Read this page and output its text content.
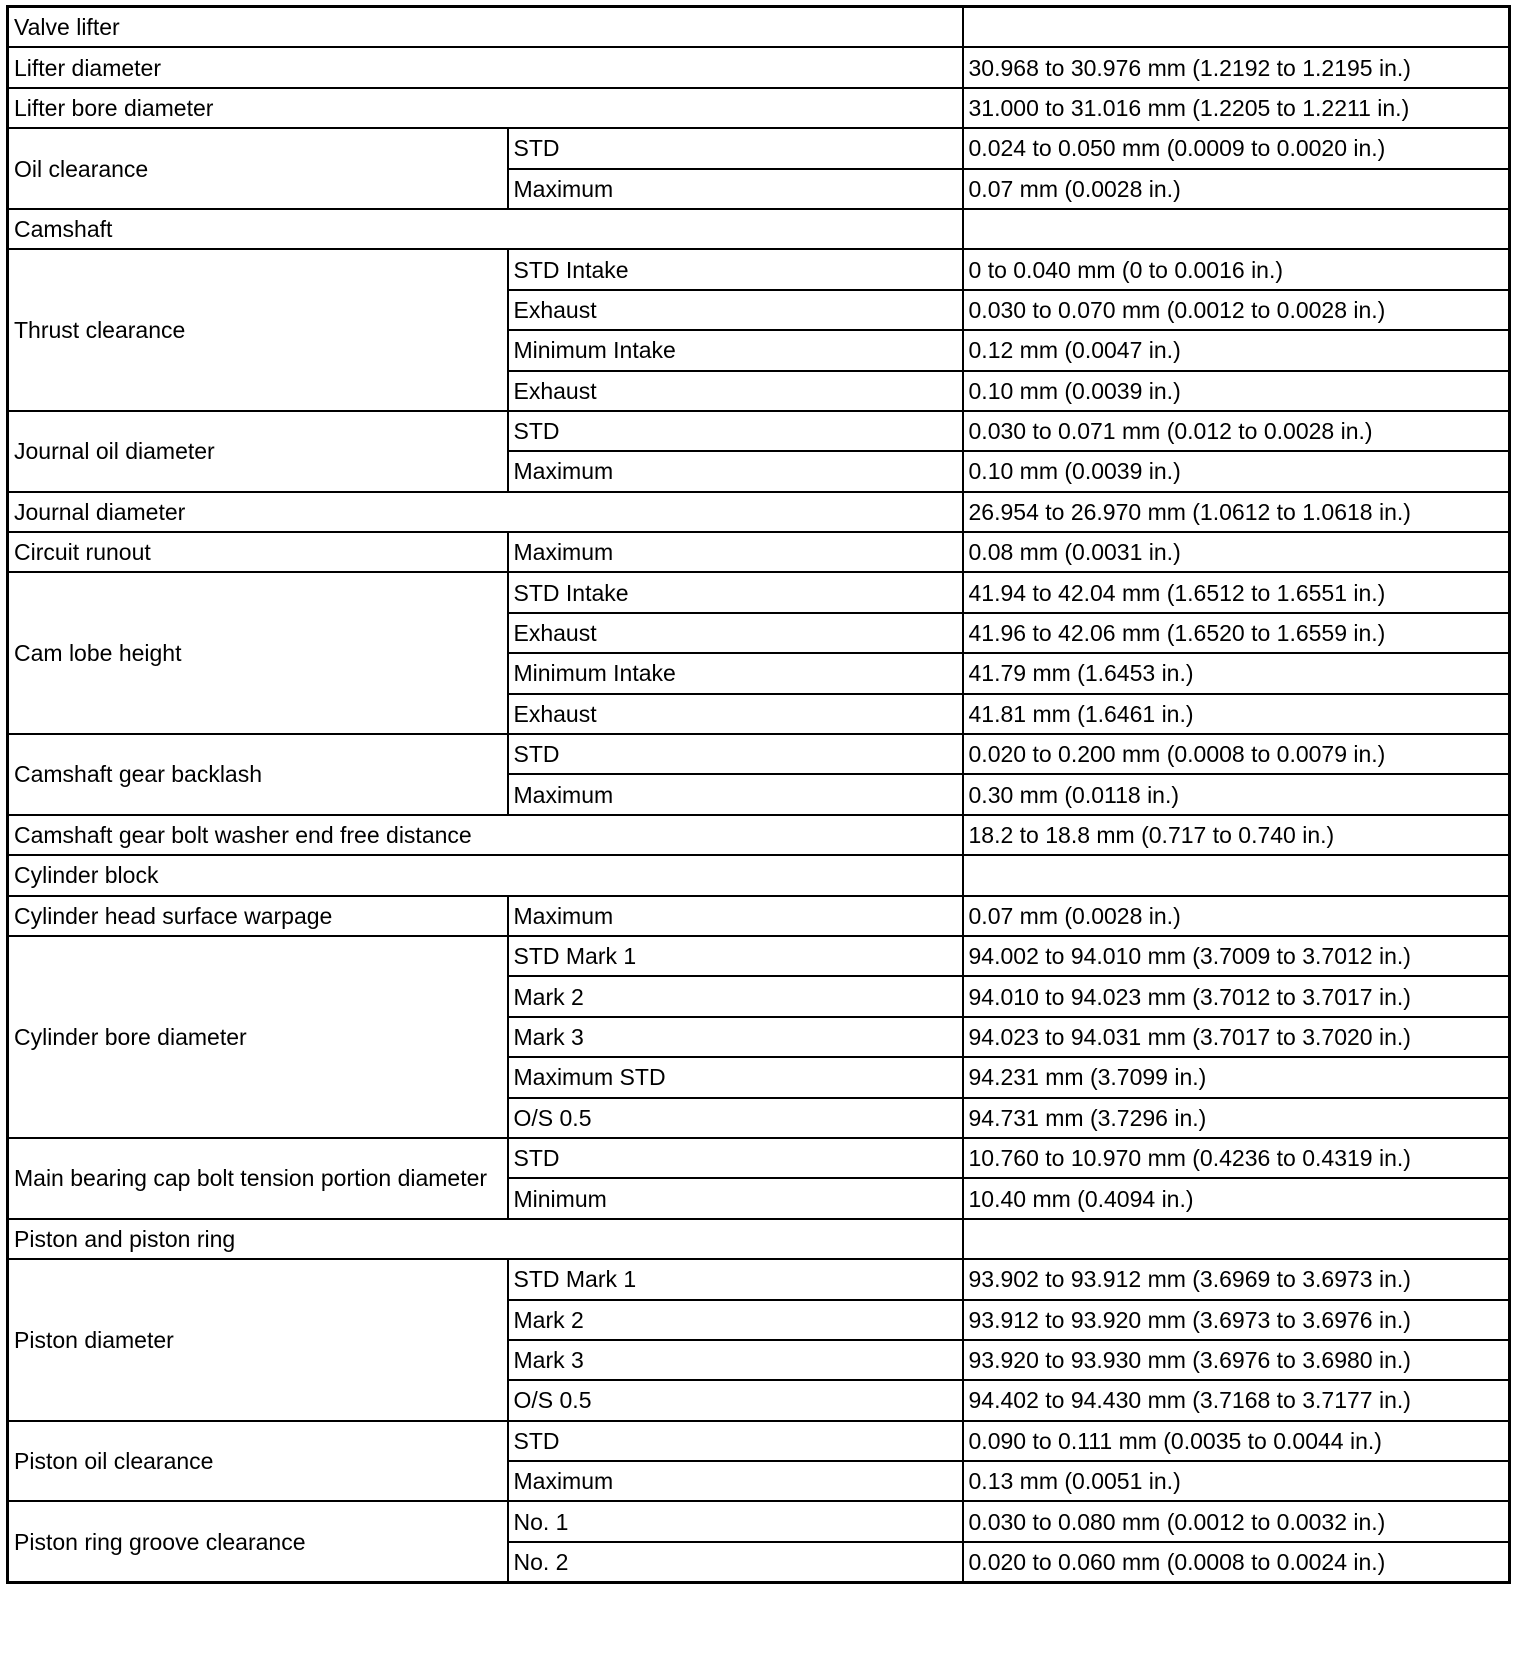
Valve lifter		
Lifter diameter		30.968 to 30.976 mm (1.2192 to 1.2195 in.)
Lifter bore diameter		31.000 to 31.016 mm (1.2205 to 1.2211 in.)
Oil clearance	STD	0.024 to 0.050 mm (0.0009 to 0.0020 in.)
	Maximum	0.07 mm (0.0028 in.)
Camshaft		
Thrust clearance	STD Intake	0 to 0.040 mm (0 to 0.0016 in.)
	Exhaust	0.030 to 0.070 mm (0.0012 to 0.0028 in.)
	Minimum Intake	0.12 mm (0.0047 in.)
	Exhaust	0.10 mm (0.0039 in.)
Journal oil diameter	STD	0.030 to 0.071 mm (0.012 to 0.0028 in.)
	Maximum	0.10 mm (0.0039 in.)
Journal diameter		26.954 to 26.970 mm (1.0612 to 1.0618 in.)
Circuit runout	Maximum	0.08 mm (0.0031 in.)
Cam lobe height	STD Intake	41.94 to 42.04 mm (1.6512 to 1.6551 in.)
	Exhaust	41.96 to 42.06 mm (1.6520 to 1.6559 in.)
	Minimum Intake	41.79 mm (1.6453 in.)
	Exhaust	41.81 mm (1.6461 in.)
Camshaft gear backlash	STD	0.020 to 0.200 mm (0.0008 to 0.0079 in.)
	Maximum	0.30 mm (0.0118 in.)
Camshaft gear bolt washer end free distance		18.2 to 18.8 mm (0.717 to 0.740 in.)
Cylinder block		
Cylinder head surface warpage	Maximum	0.07 mm (0.0028 in.)
Cylinder bore diameter	STD Mark 1	94.002 to 94.010 mm (3.7009 to 3.7012 in.)
	Mark 2	94.010 to 94.023 mm (3.7012 to 3.7017 in.)
	Mark 3	94.023 to 94.031 mm (3.7017 to 3.7020 in.)
	Maximum STD	94.231 mm (3.7099 in.)
	O/S 0.5	94.731 mm (3.7296 in.)
Main bearing cap bolt tension portion diameter	STD	10.760 to 10.970 mm (0.4236 to 0.4319 in.)
	Minimum	10.40 mm (0.4094 in.)
Piston and piston ring		
Piston diameter	STD Mark 1	93.902 to 93.912 mm (3.6969 to 3.6973 in.)
	Mark 2	93.912 to 93.920 mm (3.6973 to 3.6976 in.)
	Mark 3	93.920 to 93.930 mm (3.6976 to 3.6980 in.)
	O/S 0.5	94.402 to 94.430 mm (3.7168 to 3.7177 in.)
Piston oil clearance	STD	0.090 to 0.111 mm (0.0035 to 0.0044 in.)
	Maximum	0.13 mm (0.0051 in.)
Piston ring groove clearance	No. 1	0.030 to 0.080 mm (0.0012 to 0.0032 in.)
	No. 2	0.020 to 0.060 mm (0.0008 to 0.0024 in.)
